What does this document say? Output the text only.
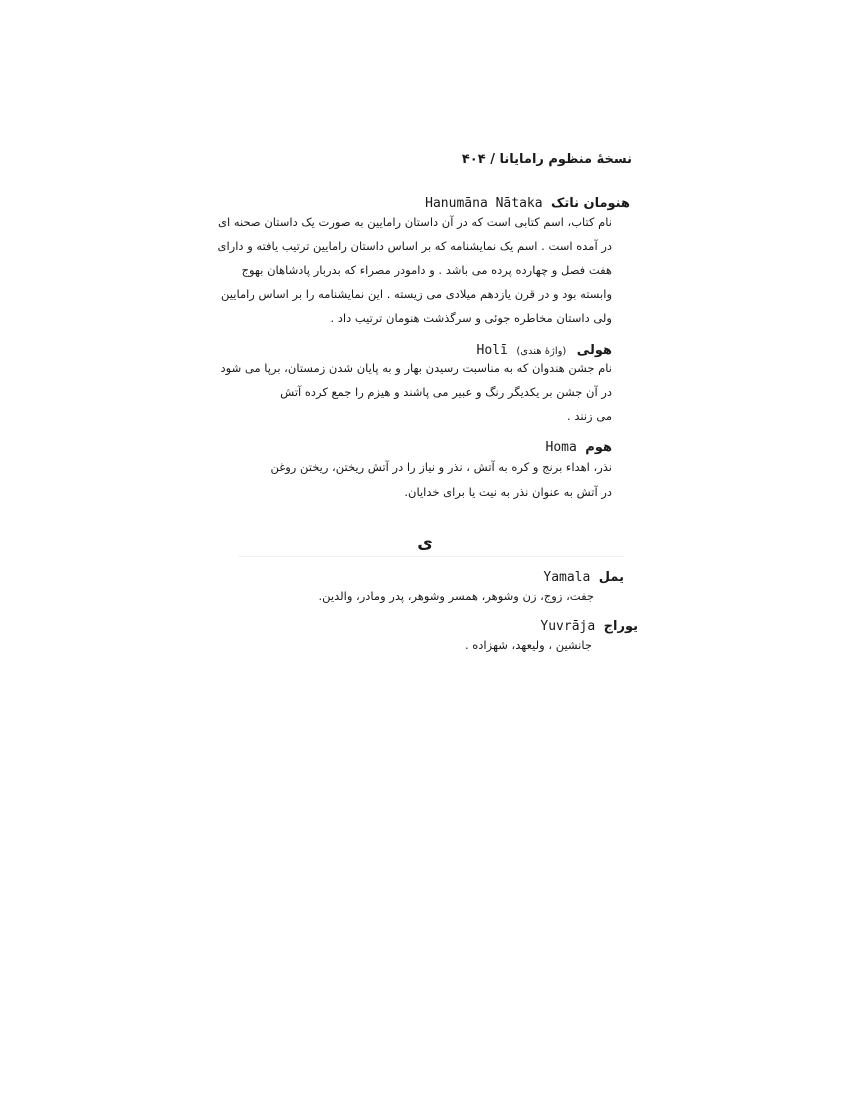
نسخهٔ منظوم رامایانا / ۴۰۴
هنومان ناتک Hanumāna Nātaka
نام کتاب، اسم کتابی است که در آن داستان رامایین به صورت یک داستان صحنه ای
در آمده است . اسم یک نمایشنامه که بر اساس داستان رامایین ترتیب یافته و دارای
هفت فصل و چهارده پرده می باشد . و دامودر مصراء که بدربار پادشاهان بهوج
وابسته بود و در قرن یازدهم میلادی می زیسته . این نمایشنامه را بر اساس رامایین
ولی داستان مخاطره جوئی و سرگذشت هنومان ترتیب داد .
هولی (واژهٔ هندی) Holī
نام جشن هندوان که به مناسبت رسیدن بهار و به پایان شدن زمستان، برپا می شود
در آن جشن بر یکدیگر رنگ و عبیر می پاشند و هیزم را جمع کرده آتش
می زنند .
هوم Homa
نذر، اهداء برنج و کره به آتش ، نذر و نیاز را در آتش ریختن، ریختن روغن
در آتش به عنوان نذر به نیت یا برای خدایان.
ی
یمل Yamala
جفت، زوج، زن وشوهر، همسر وشوهر، پدر ومادر، والدین.
یوراج Yuvrāja
جانشین ، ولیعهد، شهزاده .
